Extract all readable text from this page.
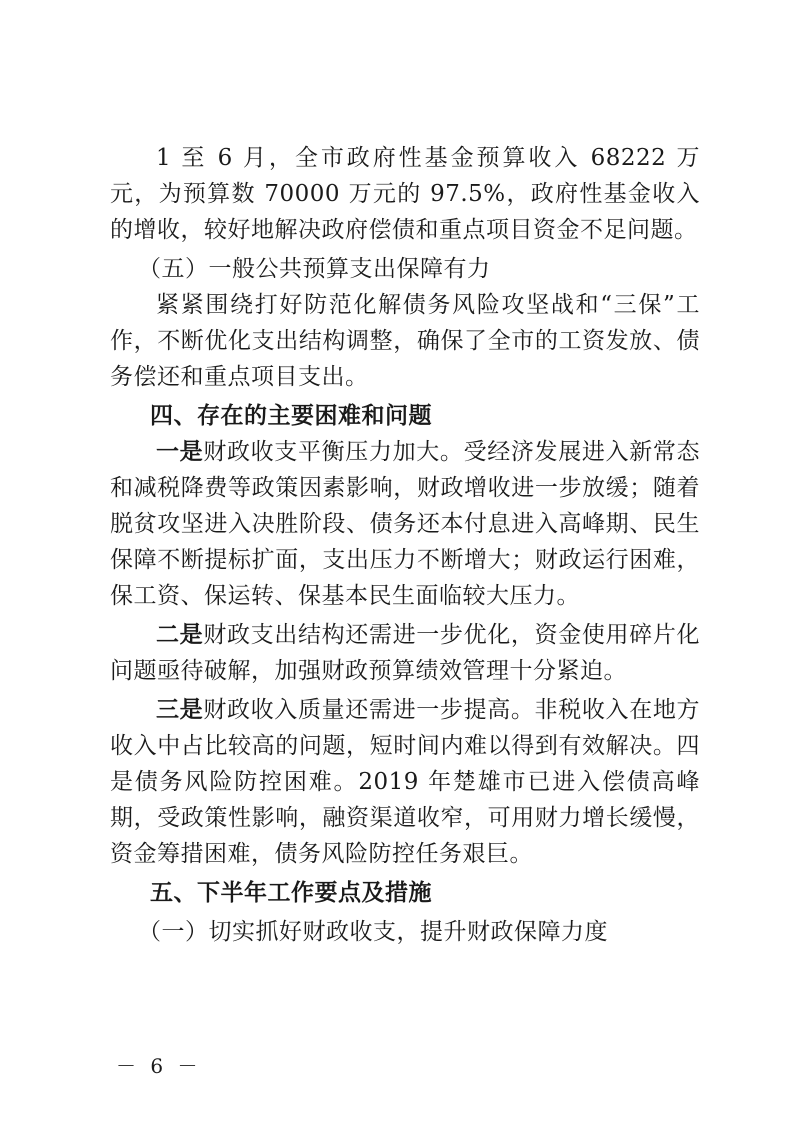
1 至 6 月，全市政府性基金预算收入 68222 万元，为预算数 70000 万元的 97.5%，政府性基金收入的增收，较好地解决政府偿债和重点项目资金不足问题。

（五）一般公共预算支出保障有力

紧紧围绕打好防范化解债务风险攻坚战和“三保”工作，不断优化支出结构调整，确保了全市的工资发放、债务偿还和重点项目支出。

四、存在的主要困难和问题

一是财政收支平衡压力加大。受经济发展进入新常态和减税降费等政策因素影响，财政增收进一步放缓；随着脱贫攻坚进入决胜阶段、债务还本付息进入高峰期、民生保障不断提标扩面，支出压力不断增大；财政运行困难，保工资、保运转、保基本民生面临较大压力。

二是财政支出结构还需进一步优化，资金使用碎片化问题亟待破解，加强财政预算绩效管理十分紧迫。

三是财政收入质量还需进一步提高。非税收入在地方收入中占比较高的问题，短时间内难以得到有效解决。四是债务风险防控困难。2019 年楚雄市已进入偿债高峰期，受政策性影响，融资渠道收窄，可用财力增长缓慢，资金筹措困难，债务风险防控任务艰巨。

五、下半年工作要点及措施

（一）切实抓好财政收支，提升财政保障力度

－ 6 －
